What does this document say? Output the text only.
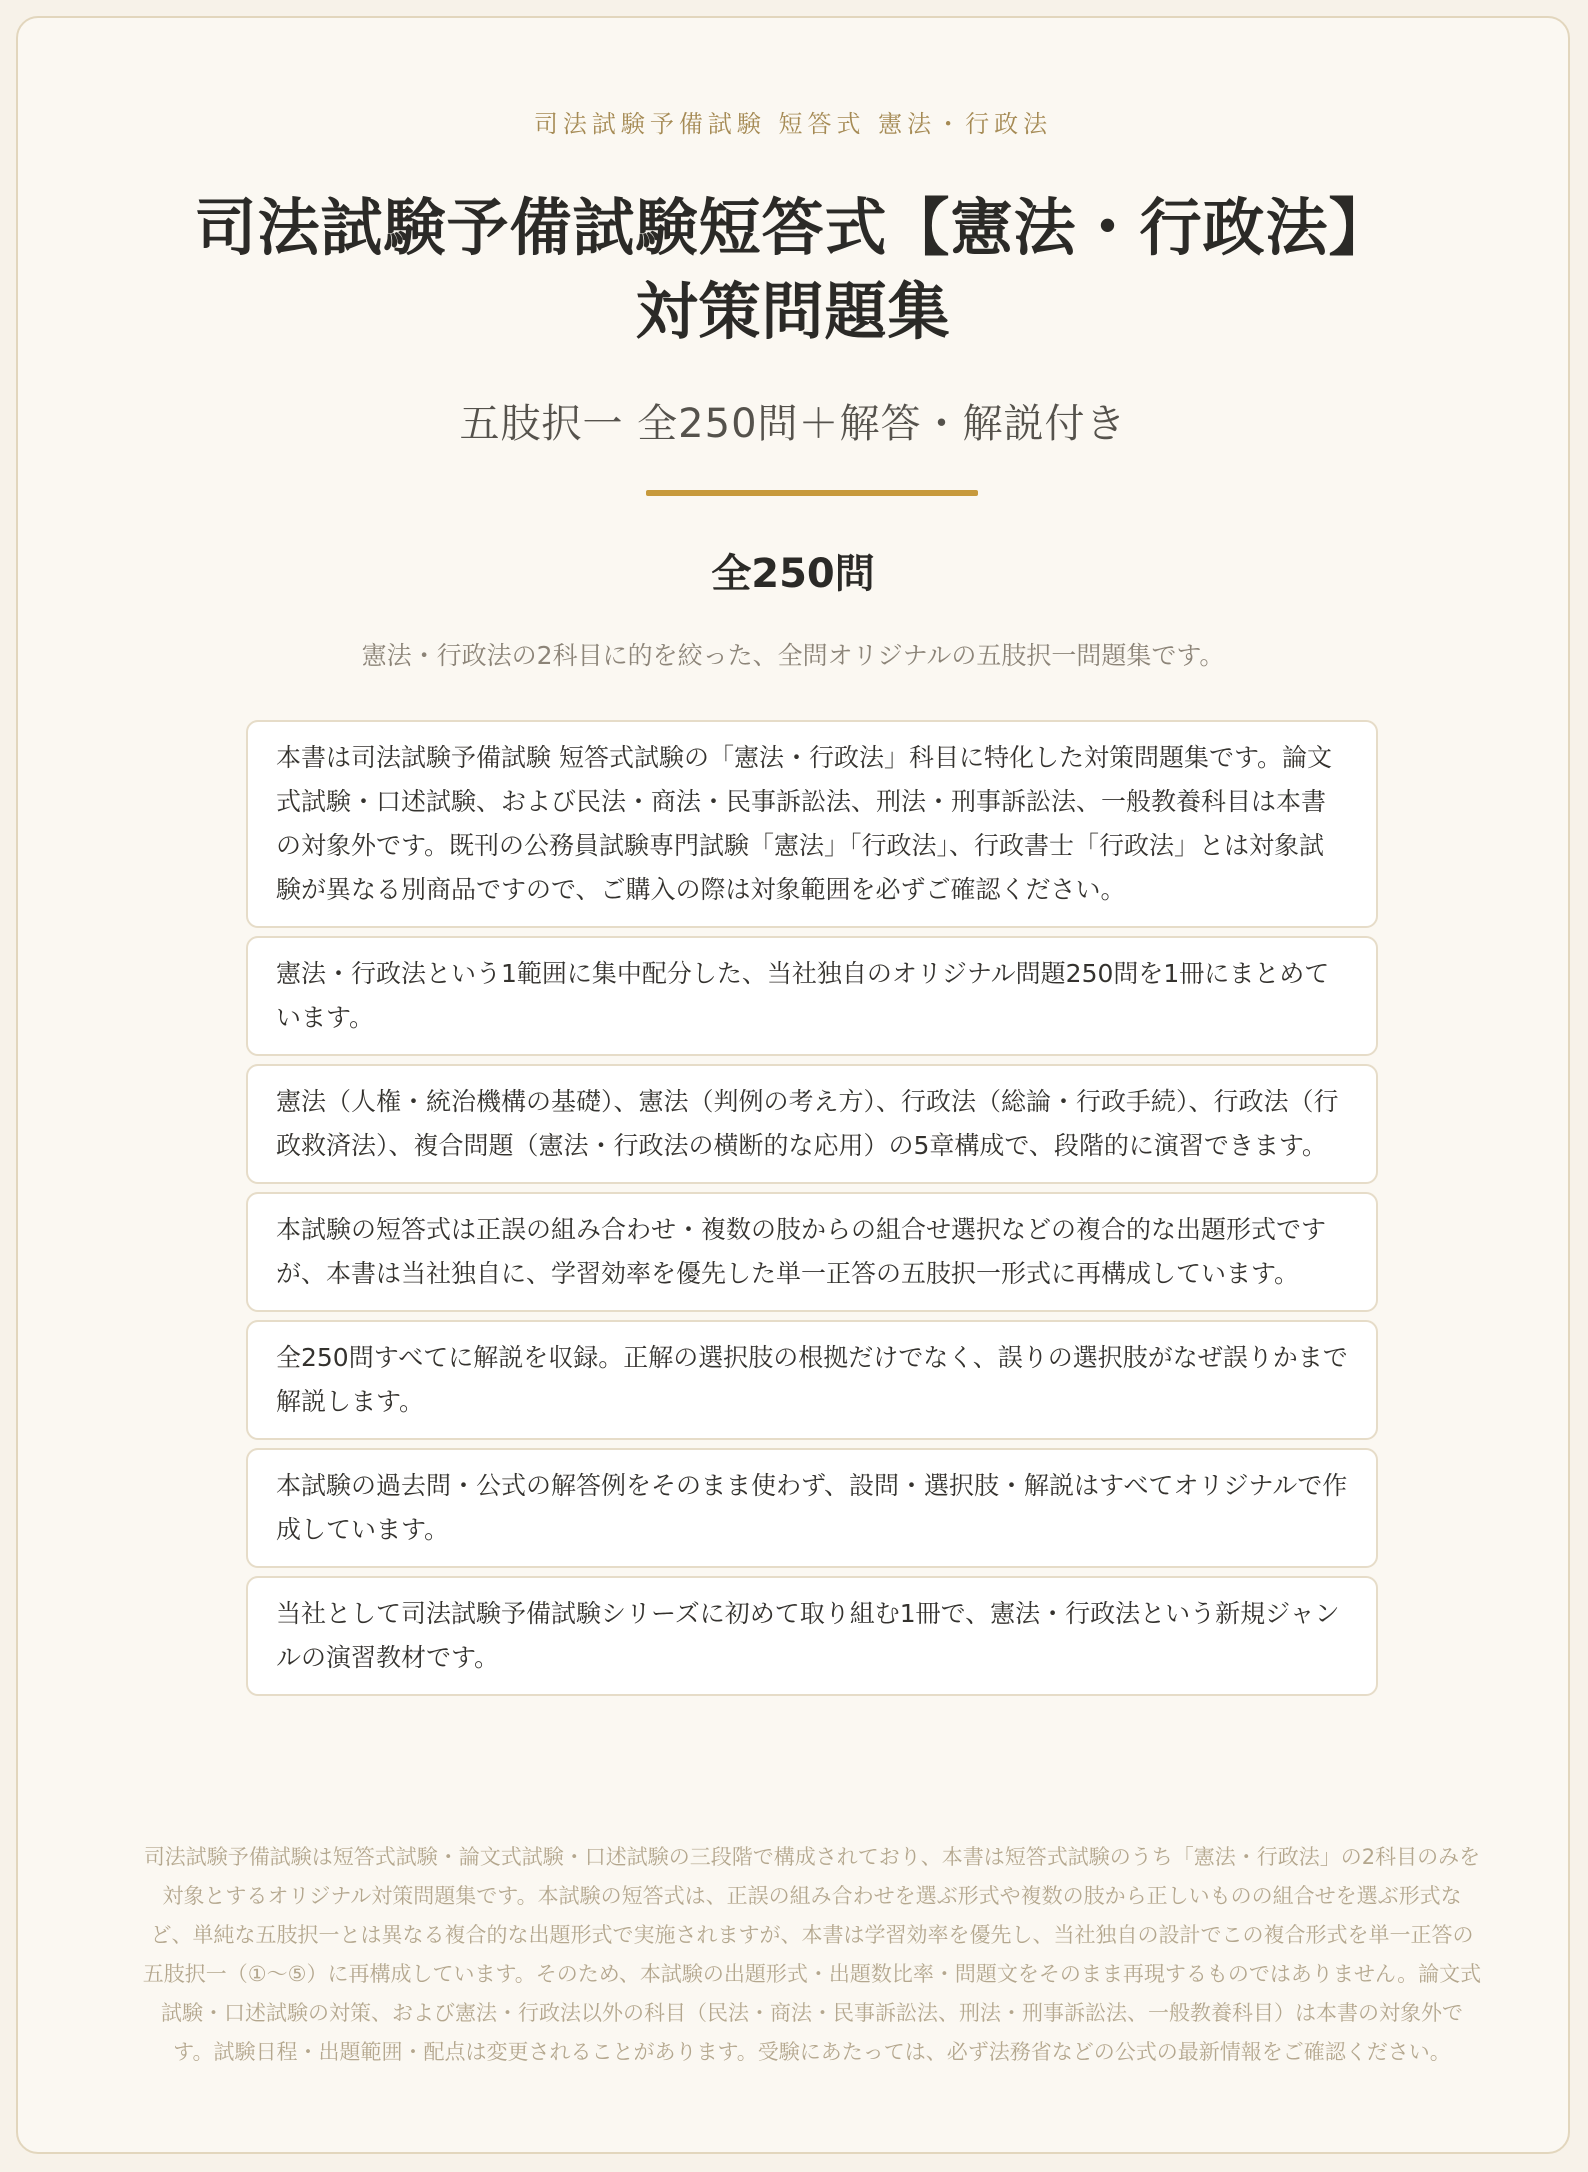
司法試験予備試験 短答式 憲法・行政法
司法試験予備試験短答式【憲法・行政法】
対策問題集
五肢択一 全250問＋解答・解説付き
全250問
憲法・行政法の2科目に的を絞った、全問オリジナルの五肢択一問題集です。
本書は司法試験予備試験 短答式試験の「憲法・行政法」科目に特化した対策問題集です。論文式試験・口述試験、および民法・商法・民事訴訟法、刑法・刑事訴訟法、一般教養科目は本書の対象外です。既刊の公務員試験専門試験「憲法」「行政法」、行政書士「行政法」とは対象試験が異なる別商品ですので、ご購入の際は対象範囲を必ずご確認ください。
憲法・行政法という1範囲に集中配分した、当社独自のオリジナル問題250問を1冊にまとめています。
憲法（人権・統治機構の基礎）、憲法（判例の考え方）、行政法（総論・行政手続）、行政法（行政救済法）、複合問題（憲法・行政法の横断的な応用）の5章構成で、段階的に演習できます。
本試験の短答式は正誤の組み合わせ・複数の肢からの組合せ選択などの複合的な出題形式ですが、本書は当社独自に、学習効率を優先した単一正答の五肢択一形式に再構成しています。
全250問すべてに解説を収録。正解の選択肢の根拠だけでなく、誤りの選択肢がなぜ誤りかまで解説します。
本試験の過去問・公式の解答例をそのまま使わず、設問・選択肢・解説はすべてオリジナルで作成しています。
当社として司法試験予備試験シリーズに初めて取り組む1冊で、憲法・行政法という新規ジャンルの演習教材です。
司法試験予備試験は短答式試験・論文式試験・口述試験の三段階で構成されており、本書は短答式試験のうち「憲法・行政法」の2科目のみを対象とするオリジナル対策問題集です。本試験の短答式は、正誤の組み合わせを選ぶ形式や複数の肢から正しいものの組合せを選ぶ形式など、単純な五肢択一とは異なる複合的な出題形式で実施されますが、本書は学習効率を優先し、当社独自の設計でこの複合形式を単一正答の五肢択一（①〜⑤）に再構成しています。そのため、本試験の出題形式・出題数比率・問題文をそのまま再現するものではありません。論文式試験・口述試験の対策、および憲法・行政法以外の科目（民法・商法・民事訴訟法、刑法・刑事訴訟法、一般教養科目）は本書の対象外です。試験日程・出題範囲・配点は変更されることがあります。受験にあたっては、必ず法務省などの公式の最新情報をご確認ください。
